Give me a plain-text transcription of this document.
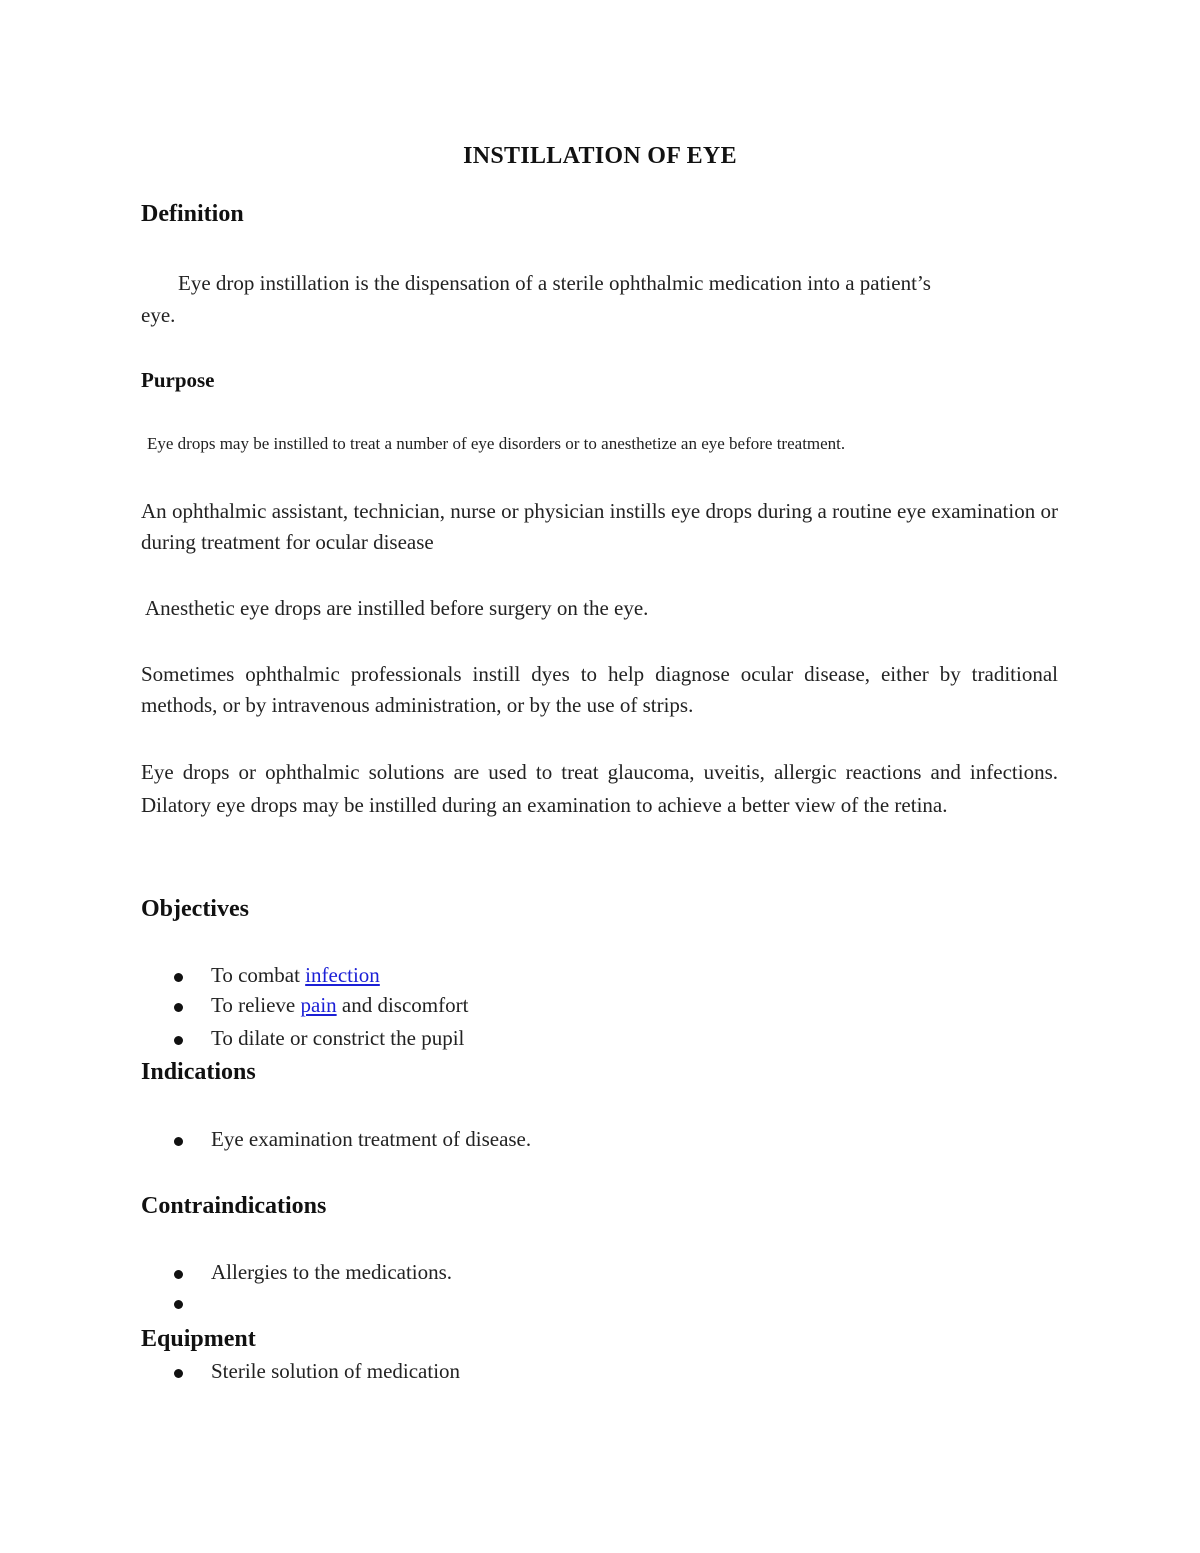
INSTILLATION OF EYE
Definition
Eye drop instillation is the dispensation of a sterile ophthalmic medication into a patient’s
eye.
Purpose
Eye drops may be instilled to treat a number of eye disorders or to anesthetize an eye before treatment.
An ophthalmic assistant, technician, nurse or physician instills eye drops during a routine eye examination or during treatment for ocular disease
Anesthetic eye drops are instilled before surgery on the eye.
Sometimes ophthalmic professionals instill dyes to help diagnose ocular disease, either by traditional methods, or by intravenous administration, or by the use of strips.
Eye drops or ophthalmic solutions are used to treat glaucoma, uveitis, allergic reactions and infections. Dilatory eye drops may be instilled during an examination to achieve a better view of the retina.
Objectives
To combat infection
To relieve pain and discomfort
To dilate or constrict the pupil
Indications
Eye examination treatment of disease.
Contraindications
Allergies to the medications.
Equipment
Sterile solution of medication
